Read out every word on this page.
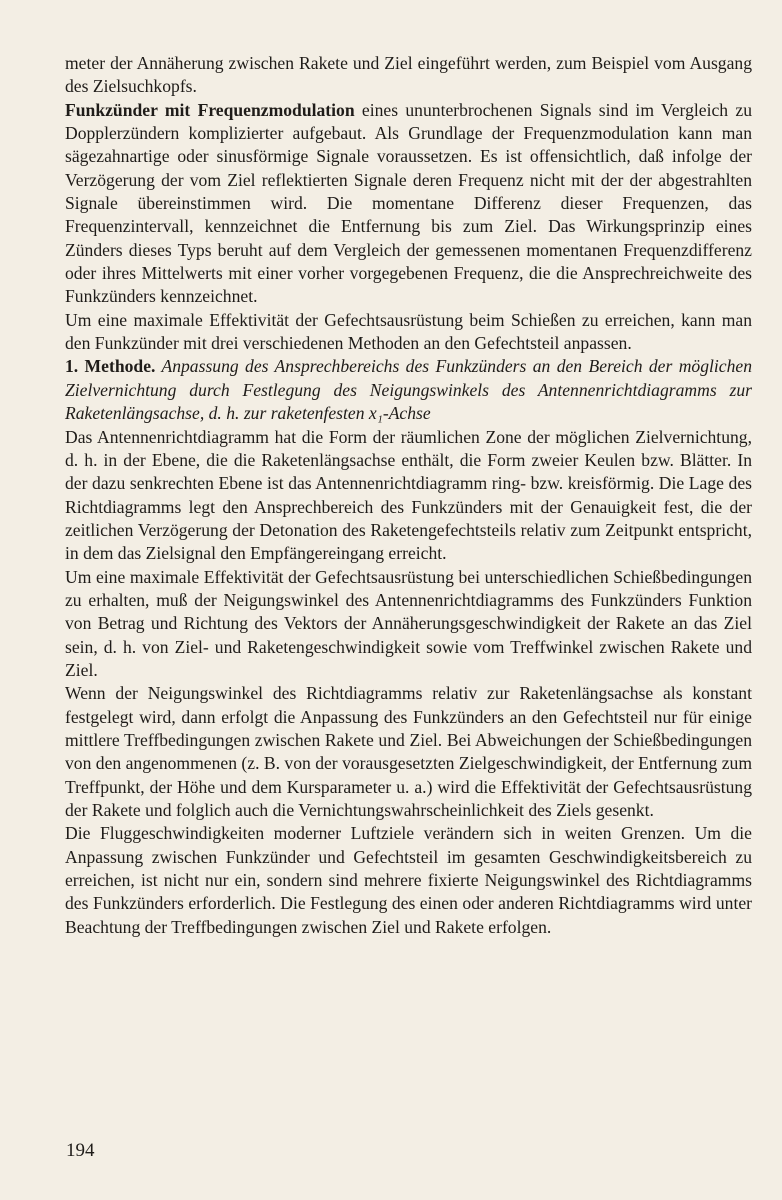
meter der Annäherung zwischen Rakete und Ziel eingeführt werden, zum Beispiel vom Ausgang des Zielsuchkopfs.

Funkzünder mit Frequenzmodulation eines ununterbrochenen Signals sind im Vergleich zu Dopplerzündern komplizierter aufgebaut. Als Grundlage der Frequenzmodulation kann man sägezahnartige oder sinusförmige Signale voraussetzen. Es ist offensichtlich, daß infolge der Verzögerung der vom Ziel reflektierten Signale deren Frequenz nicht mit der der abgestrahlten Signale übereinstimmen wird. Die momentane Differenz dieser Frequenzen, das Frequenzintervall, kennzeichnet die Entfernung bis zum Ziel. Das Wirkungsprinzip eines Zünders dieses Typs beruht auf dem Vergleich der gemessenen momentanen Frequenzdifferenz oder ihres Mittelwerts mit einer vorher vorgegebenen Frequenz, die die Ansprechreichweite des Funkzünders kennzeichnet.

Um eine maximale Effektivität der Gefechtsausrüstung beim Schießen zu erreichen, kann man den Funkzünder mit drei verschiedenen Methoden an den Gefechtsteil anpassen.

1. Methode. Anpassung des Ansprechbereichs des Funkzünders an den Bereich der möglichen Zielvernichtung durch Festlegung des Neigungswinkels des Antennenrichtdiagramms zur Raketenlängsachse, d. h. zur raketenfesten x₁-Achse

Das Antennenrichtdiagramm hat die Form der räumlichen Zone der möglichen Zielvernichtung, d. h. in der Ebene, die die Raketenlängsachse enthält, die Form zweier Keulen bzw. Blätter. In der dazu senkrechten Ebene ist das Antennenrichtdiagramm ring- bzw. kreisförmig. Die Lage des Richtdiagramms legt den Ansprechbereich des Funkzünders mit der Genauigkeit fest, die der zeitlichen Verzögerung der Detonation des Raketengefechtsteils relativ zum Zeitpunkt entspricht, in dem das Zielsignal den Empfängereingang erreicht.

Um eine maximale Effektivität der Gefechtsausrüstung bei unterschiedlichen Schießbedingungen zu erhalten, muß der Neigungswinkel des Antennenrichtdiagramms des Funkzünders Funktion von Betrag und Richtung des Vektors der Annäherungsgeschwindigkeit der Rakete an das Ziel sein, d. h. von Ziel- und Raketengeschwindigkeit sowie vom Treffwinkel zwischen Rakete und Ziel.

Wenn der Neigungswinkel des Richtdiagramms relativ zur Raketenlängsachse als konstant festgelegt wird, dann erfolgt die Anpassung des Funkzünders an den Gefechtsteil nur für einige mittlere Treffbedingungen zwischen Rakete und Ziel. Bei Abweichungen der Schießbedingungen von den angenommenen (z. B. von der vorausgesetzten Zielgeschwindigkeit, der Entfernung zum Treffpunkt, der Höhe und dem Kursparameter u. a.) wird die Effektivität der Gefechtsausrüstung der Rakete und folglich auch die Vernichtungswahrscheinlichkeit des Ziels gesenkt.

Die Fluggeschwindigkeiten moderner Luftziele verändern sich in weiten Grenzen. Um die Anpassung zwischen Funkzünder und Gefechtsteil im gesamten Geschwindigkeitsbereich zu erreichen, ist nicht nur ein, sondern sind mehrere fixierte Neigungswinkel des Richtdiagramms des Funkzünders erforderlich. Die Festlegung des einen oder anderen Richtdiagramms wird unter Beachtung der Treffbedingungen zwischen Ziel und Rakete erfolgen.

194
